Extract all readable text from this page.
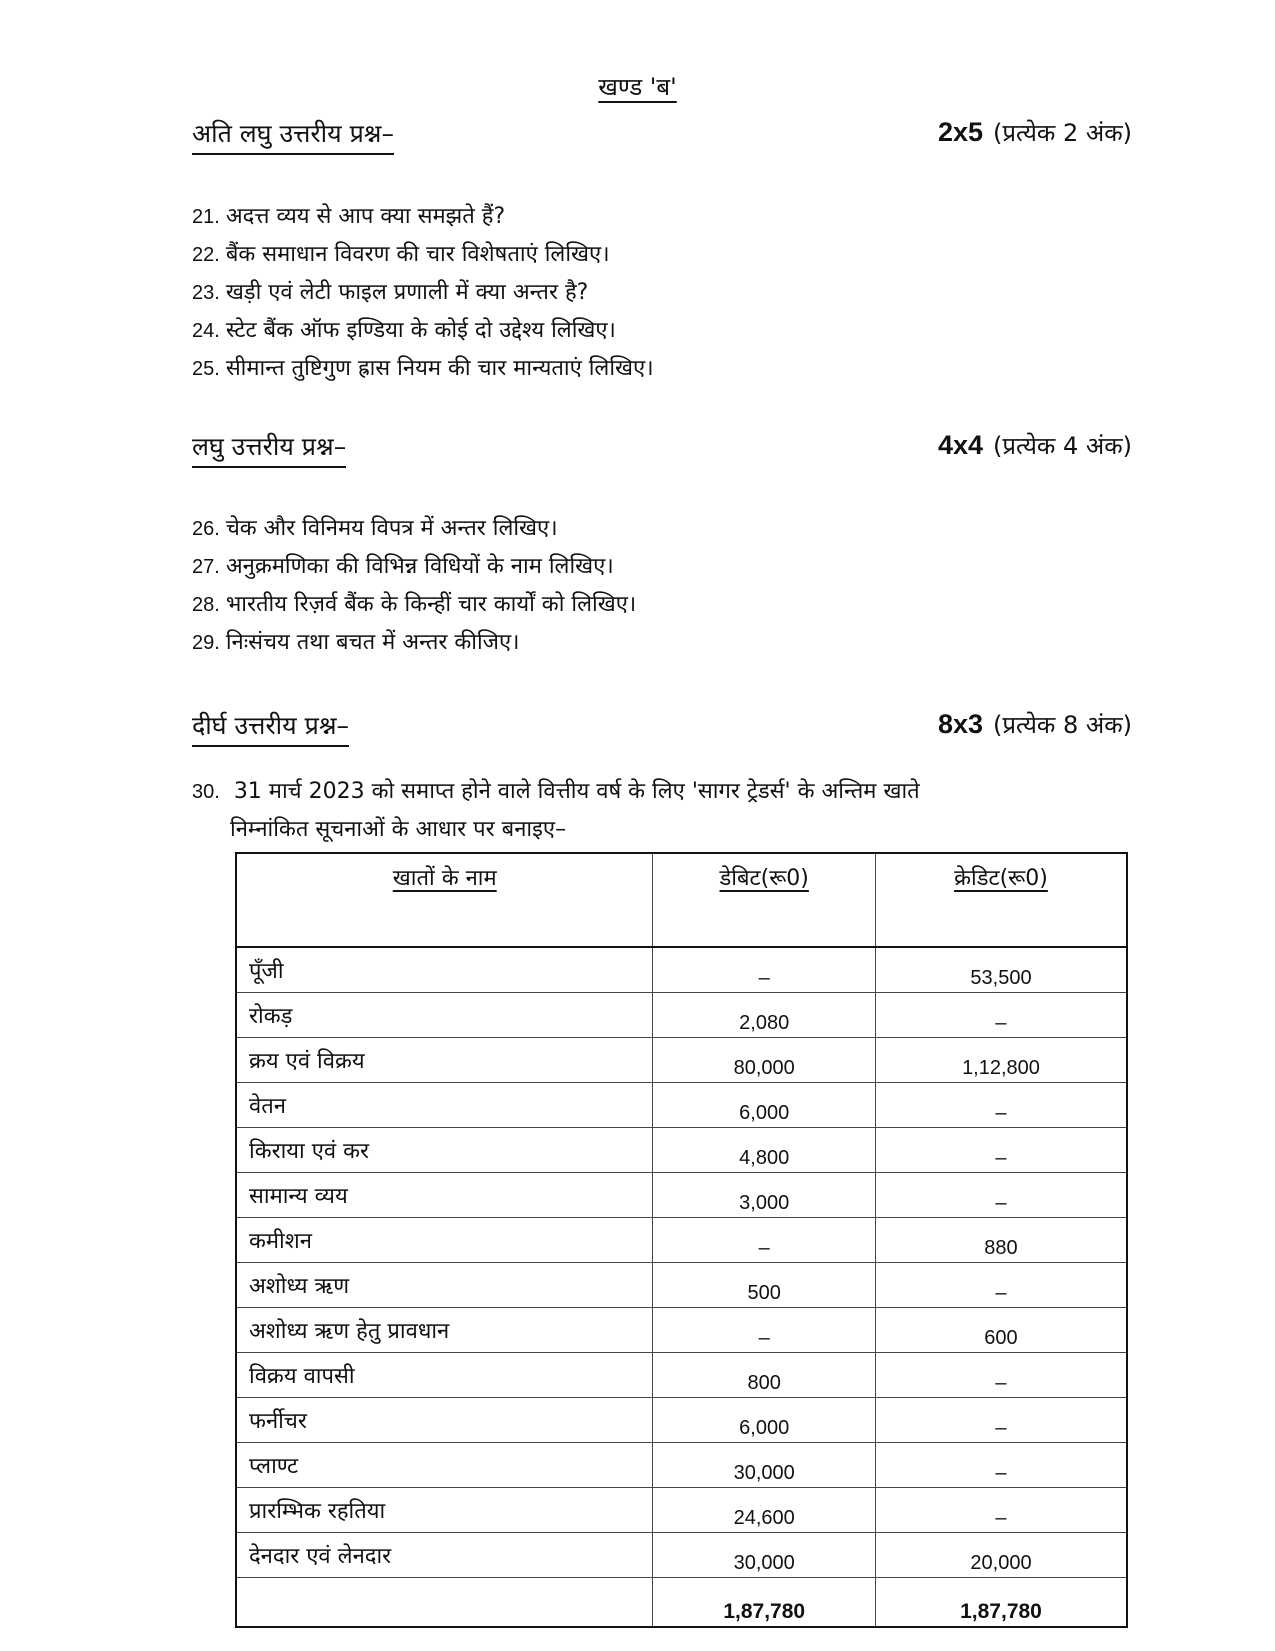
खण्ड 'ब'
अति लघु उत्तरीय प्रश्न–	2x5 (प्रत्येक 2 अंक)
21. अदत्त व्यय से आप क्या समझते हैं?
22. बैंक समाधान विवरण की चार विशेषताएं लिखिए।
23. खड़ी एवं लेटी फाइल प्रणाली में क्या अन्तर है?
24. स्टेट बैंक ऑफ इण्डिया के कोई दो उद्देश्य लिखिए।
25. सीमान्त तुष्टिगुण ह्रास नियम की चार मान्यताएं लिखिए।
लघु उत्तरीय प्रश्न–	4x4 (प्रत्येक 4 अंक)
26. चेक और विनिमय विपत्र में अन्तर लिखिए।
27. अनुक्रमणिका की विभिन्न विधियों के नाम लिखिए।
28. भारतीय रिज़र्व बैंक के किन्हीं चार कार्यों को लिखिए।
29. निःसंचय तथा बचत में अन्तर कीजिए।
दीर्घ उत्तरीय प्रश्न–	8x3 (प्रत्येक 8 अंक)
30. 31 मार्च 2023 को समाप्त होने वाले वित्तीय वर्ष के लिए 'सागर ट्रेडर्स' के अन्तिम खाते
निम्नांकित सूचनाओं के आधार पर बनाइए–
खातों के नाम	डेबिट(रू0)	क्रेडिट(रू0)
पूँजी	–	53,500
रोकड़	2,080	–
क्रय एवं विक्रय	80,000	1,12,800
वेतन	6,000	–
किराया एवं कर	4,800	–
सामान्य व्यय	3,000	–
कमीशन	–	880
अशोध्य ऋण	500	–
अशोध्य ऋण हेतु प्रावधान	–	600
विक्रय वापसी	800	–
फर्नीचर	6,000	–
प्लाण्ट	30,000	–
प्रारम्भिक रहतिया	24,600	–
देनदार एवं लेनदार	30,000	20,000
	1,87,780	1,87,780
